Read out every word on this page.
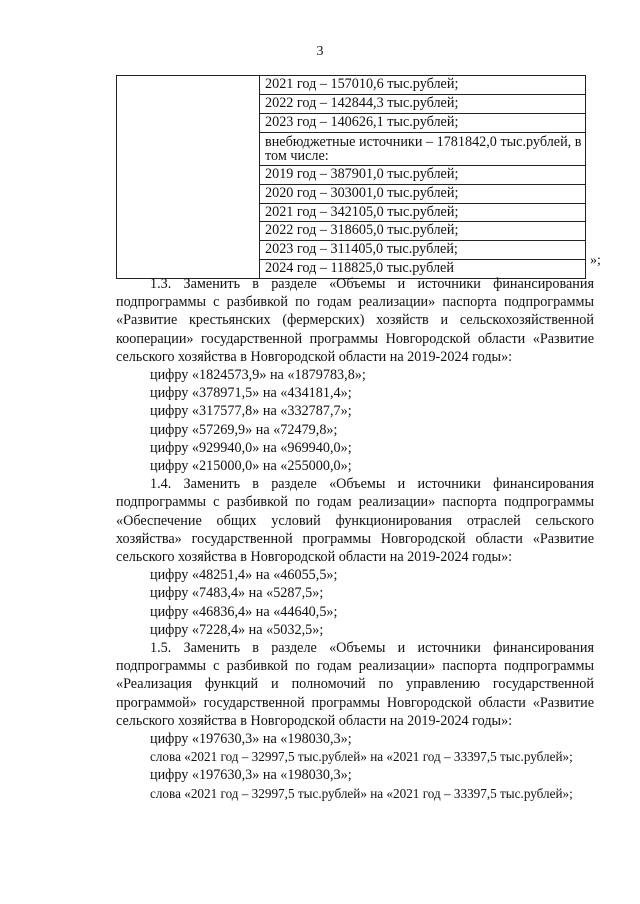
3

2021 год – 157010,6 тыс.рублей;
2022 год – 142844,3 тыс.рублей;
2023 год – 140626,1 тыс.рублей;
внебюджетные источники – 1781842,0 тыс.рублей, в том числе:
2019 год – 387901,0 тыс.рублей;
2020 год – 303001,0 тыс.рублей;
2021 год – 342105,0 тыс.рублей;
2022 год – 318605,0 тыс.рублей;
2023 год – 311405,0 тыс.рублей;
2024 год – 118825,0 тыс.рублей	»;

1.3. Заменить в разделе «Объемы и источники финансирования подпрограммы с разбивкой по годам реализации» паспорта подпрограммы «Развитие крестьянских (фермерских) хозяйств и сельскохозяйственной кооперации» государственной программы Новгородской области «Развитие сельского хозяйства в Новгородской области на 2019-2024 годы»:

цифру «1824573,9» на «1879783,8»;
цифру «378971,5» на «434181,4»;
цифру «317577,8» на «332787,7»;
цифру «57269,9» на «72479,8»;
цифру «929940,0» на «969940,0»;
цифру «215000,0» на «255000,0»;

1.4. Заменить в разделе «Объемы и источники финансирования подпрограммы с разбивкой по годам реализации» паспорта подпрограммы «Обеспечение общих условий функционирования отраслей сельского хозяйства» государственной программы Новгородской области «Развитие сельского хозяйства в Новгородской области на 2019-2024 годы»:

цифру «48251,4» на «46055,5»;
цифру «7483,4» на «5287,5»;
цифру «46836,4» на «44640,5»;
цифру «7228,4» на «5032,5»;

1.5. Заменить в разделе «Объемы и источники финансирования подпрограммы с разбивкой по годам реализации» паспорта подпрограммы «Реализация функций и полномочий по управлению государственной программой» государственной программы Новгородской области «Развитие сельского хозяйства в Новгородской области на 2019-2024 годы»:

цифру «197630,3» на «198030,3»;
слова «2021 год – 32997,5 тыс.рублей» на «2021 год – 33397,5 тыс.рублей»;
цифру «197630,3» на «198030,3»;
слова «2021 год – 32997,5 тыс.рублей» на «2021 год – 33397,5 тыс.рублей»;
